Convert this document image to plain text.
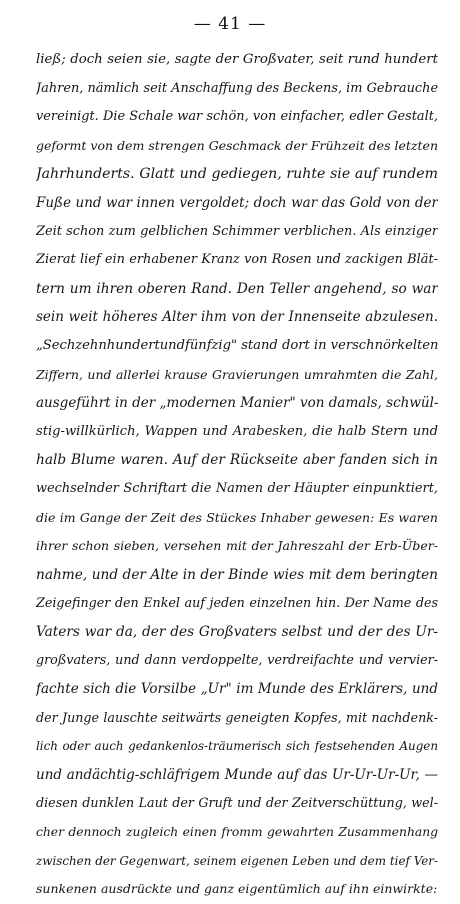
— 41 —
ließ; doch seien sie, sagte der Großvater, seit rund hundert
Jahren, nämlich seit Anschaffung des Beckens, im Gebrauche
vereinigt. Die Schale war schön, von einfacher, edler Gestalt,
geformt von dem strengen Geschmack der Frühzeit des letzten
Jahrhunderts. Glatt und gediegen, ruhte sie auf rundem
Fuße und war innen vergoldet; doch war das Gold von der
Zeit schon zum gelblichen Schimmer verblichen. Als einziger
Zierat lief ein erhabener Kranz von Rosen und zackigen Blät-
tern um ihren oberen Rand. Den Teller angehend, so war
sein weit höheres Alter ihm von der Innenseite abzulesen.
„Sechzehnhundertundfünfzig" stand dort in verschnörkelten
Ziffern, und allerlei krause Gravierungen umrahmten die Zahl,
ausgeführt in der „modernen Manier" von damals, schwül-
stig-willkürlich, Wappen und Arabesken, die halb Stern und
halb Blume waren. Auf der Rückseite aber fanden sich in
wechselnder Schriftart die Namen der Häupter einpunktiert,
die im Gange der Zeit des Stückes Inhaber gewesen: Es waren
ihrer schon sieben, versehen mit der Jahreszahl der Erb-Über-
nahme, und der Alte in der Binde wies mit dem beringten
Zeigefinger den Enkel auf jeden einzelnen hin. Der Name des
Vaters war da, der des Großvaters selbst und der des Ur-
großvaters, und dann verdoppelte, verdreifachte und vervier-
fachte sich die Vorsilbe „Ur" im Munde des Erklärers, und
der Junge lauschte seitwärts geneigten Kopfes, mit nachdenk-
lich oder auch gedankenlos-träumerisch sich festsehenden Augen
und andächtig-schläfrigem Munde auf das Ur-Ur-Ur-Ur, —
diesen dunklen Laut der Gruft und der Zeitverschüttung, wel-
cher dennoch zugleich einen fromm gewahrten Zusammenhang
zwischen der Gegenwart, seinem eigenen Leben und dem tief Ver-
sunkenen ausdrückte und ganz eigentümlich auf ihn einwirkte:
